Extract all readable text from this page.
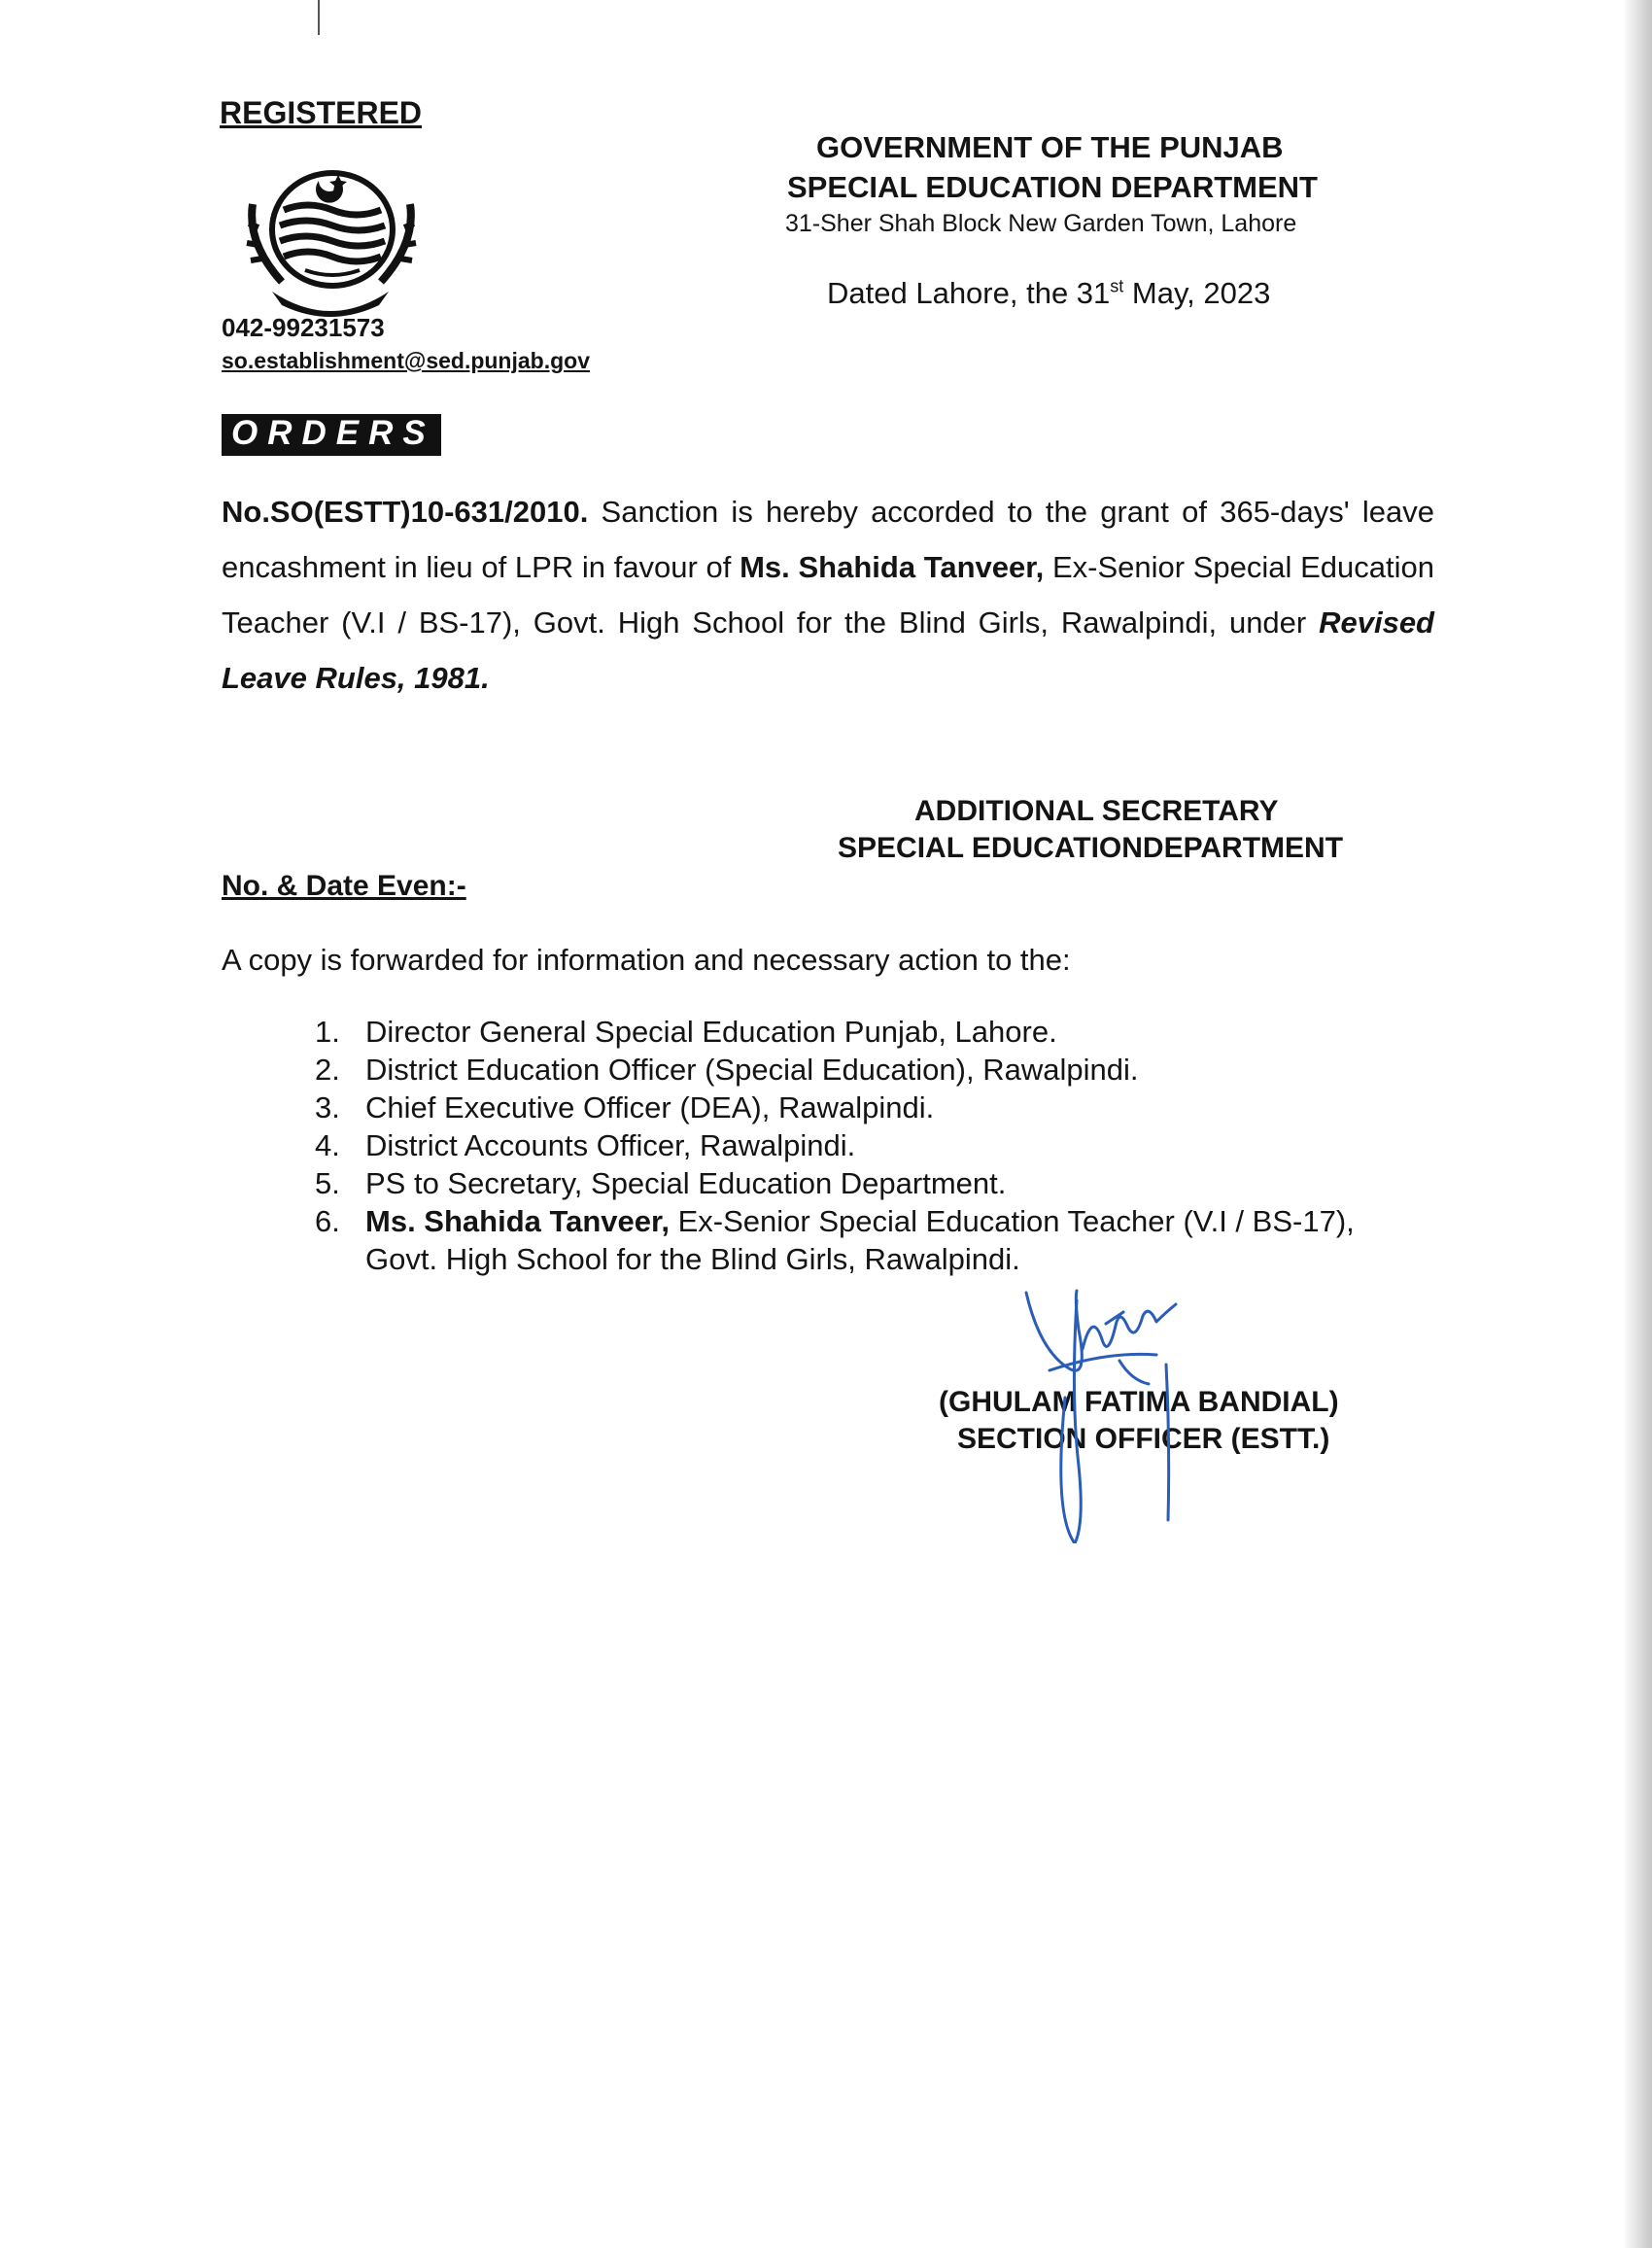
REGISTERED
042-99231573
so.establishment@sed.punjab.gov
GOVERNMENT OF THE PUNJAB
SPECIAL EDUCATION DEPARTMENT
31-Sher Shah Block New Garden Town, Lahore
Dated Lahore, the 31st May, 2023
ORDERS
No.SO(ESTT)10-631/2010. Sanction is hereby accorded to the grant of 365-days' leave encashment in lieu of LPR in favour of Ms. Shahida Tanveer, Ex-Senior Special Education Teacher (V.I / BS-17), Govt. High School for the Blind Girls, Rawalpindi, under Revised Leave Rules, 1981.
ADDITIONAL SECRETARY
SPECIAL EDUCATIONDEPARTMENT
No. & Date Even:-
A copy is forwarded for information and necessary action to the:
1. Director General Special Education Punjab, Lahore.
2. District Education Officer (Special Education), Rawalpindi.
3. Chief Executive Officer (DEA), Rawalpindi.
4. District Accounts Officer, Rawalpindi.
5. PS to Secretary, Special Education Department.
6. Ms. Shahida Tanveer, Ex-Senior Special Education Teacher (V.I / BS-17), Govt. High School for the Blind Girls, Rawalpindi.
(GHULAM FATIMA BANDIAL)
SECTION OFFICER (ESTT.)
